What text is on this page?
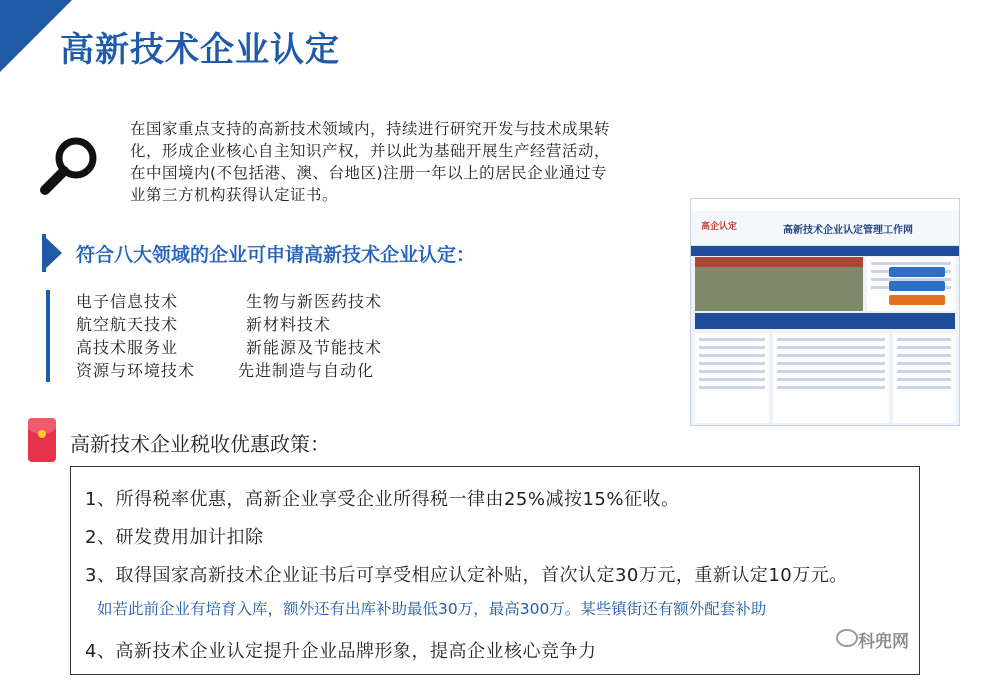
高新技术企业认定
在国家重点支持的高新技术领域内，持续进行研究开发与技术成果转
化，形成企业核心自主知识产权，并以此为基础开展生产经营活动，
在中国境内(不包括港、澳、台地区)注册一年以上的居民企业通过专
业第三方机构获得认定证书。
符合八大领域的企业可申请高新技术企业认定：
电子信息技术	生物与新医药技术
航空航天技术	新材料技术
高技术服务业	新能源及节能技术
资源与环境技术	先进制造与自动化
高企认定	高新技术企业认定管理工作网
高新技术企业税收优惠政策：
1、所得税率优惠，高新企业享受企业所得税一律由25%减按15%征收。
2、研发费用加计扣除
3、取得国家高新技术企业证书后可享受相应认定补贴，首次认定30万元，重新认定10万元。
如若此前企业有培育入库，额外还有出库补助最低30万，最高300万。某些镇街还有额外配套补助
4、高新技术企业认定提升企业品牌形象，提高企业核心竞争力	科兜网
